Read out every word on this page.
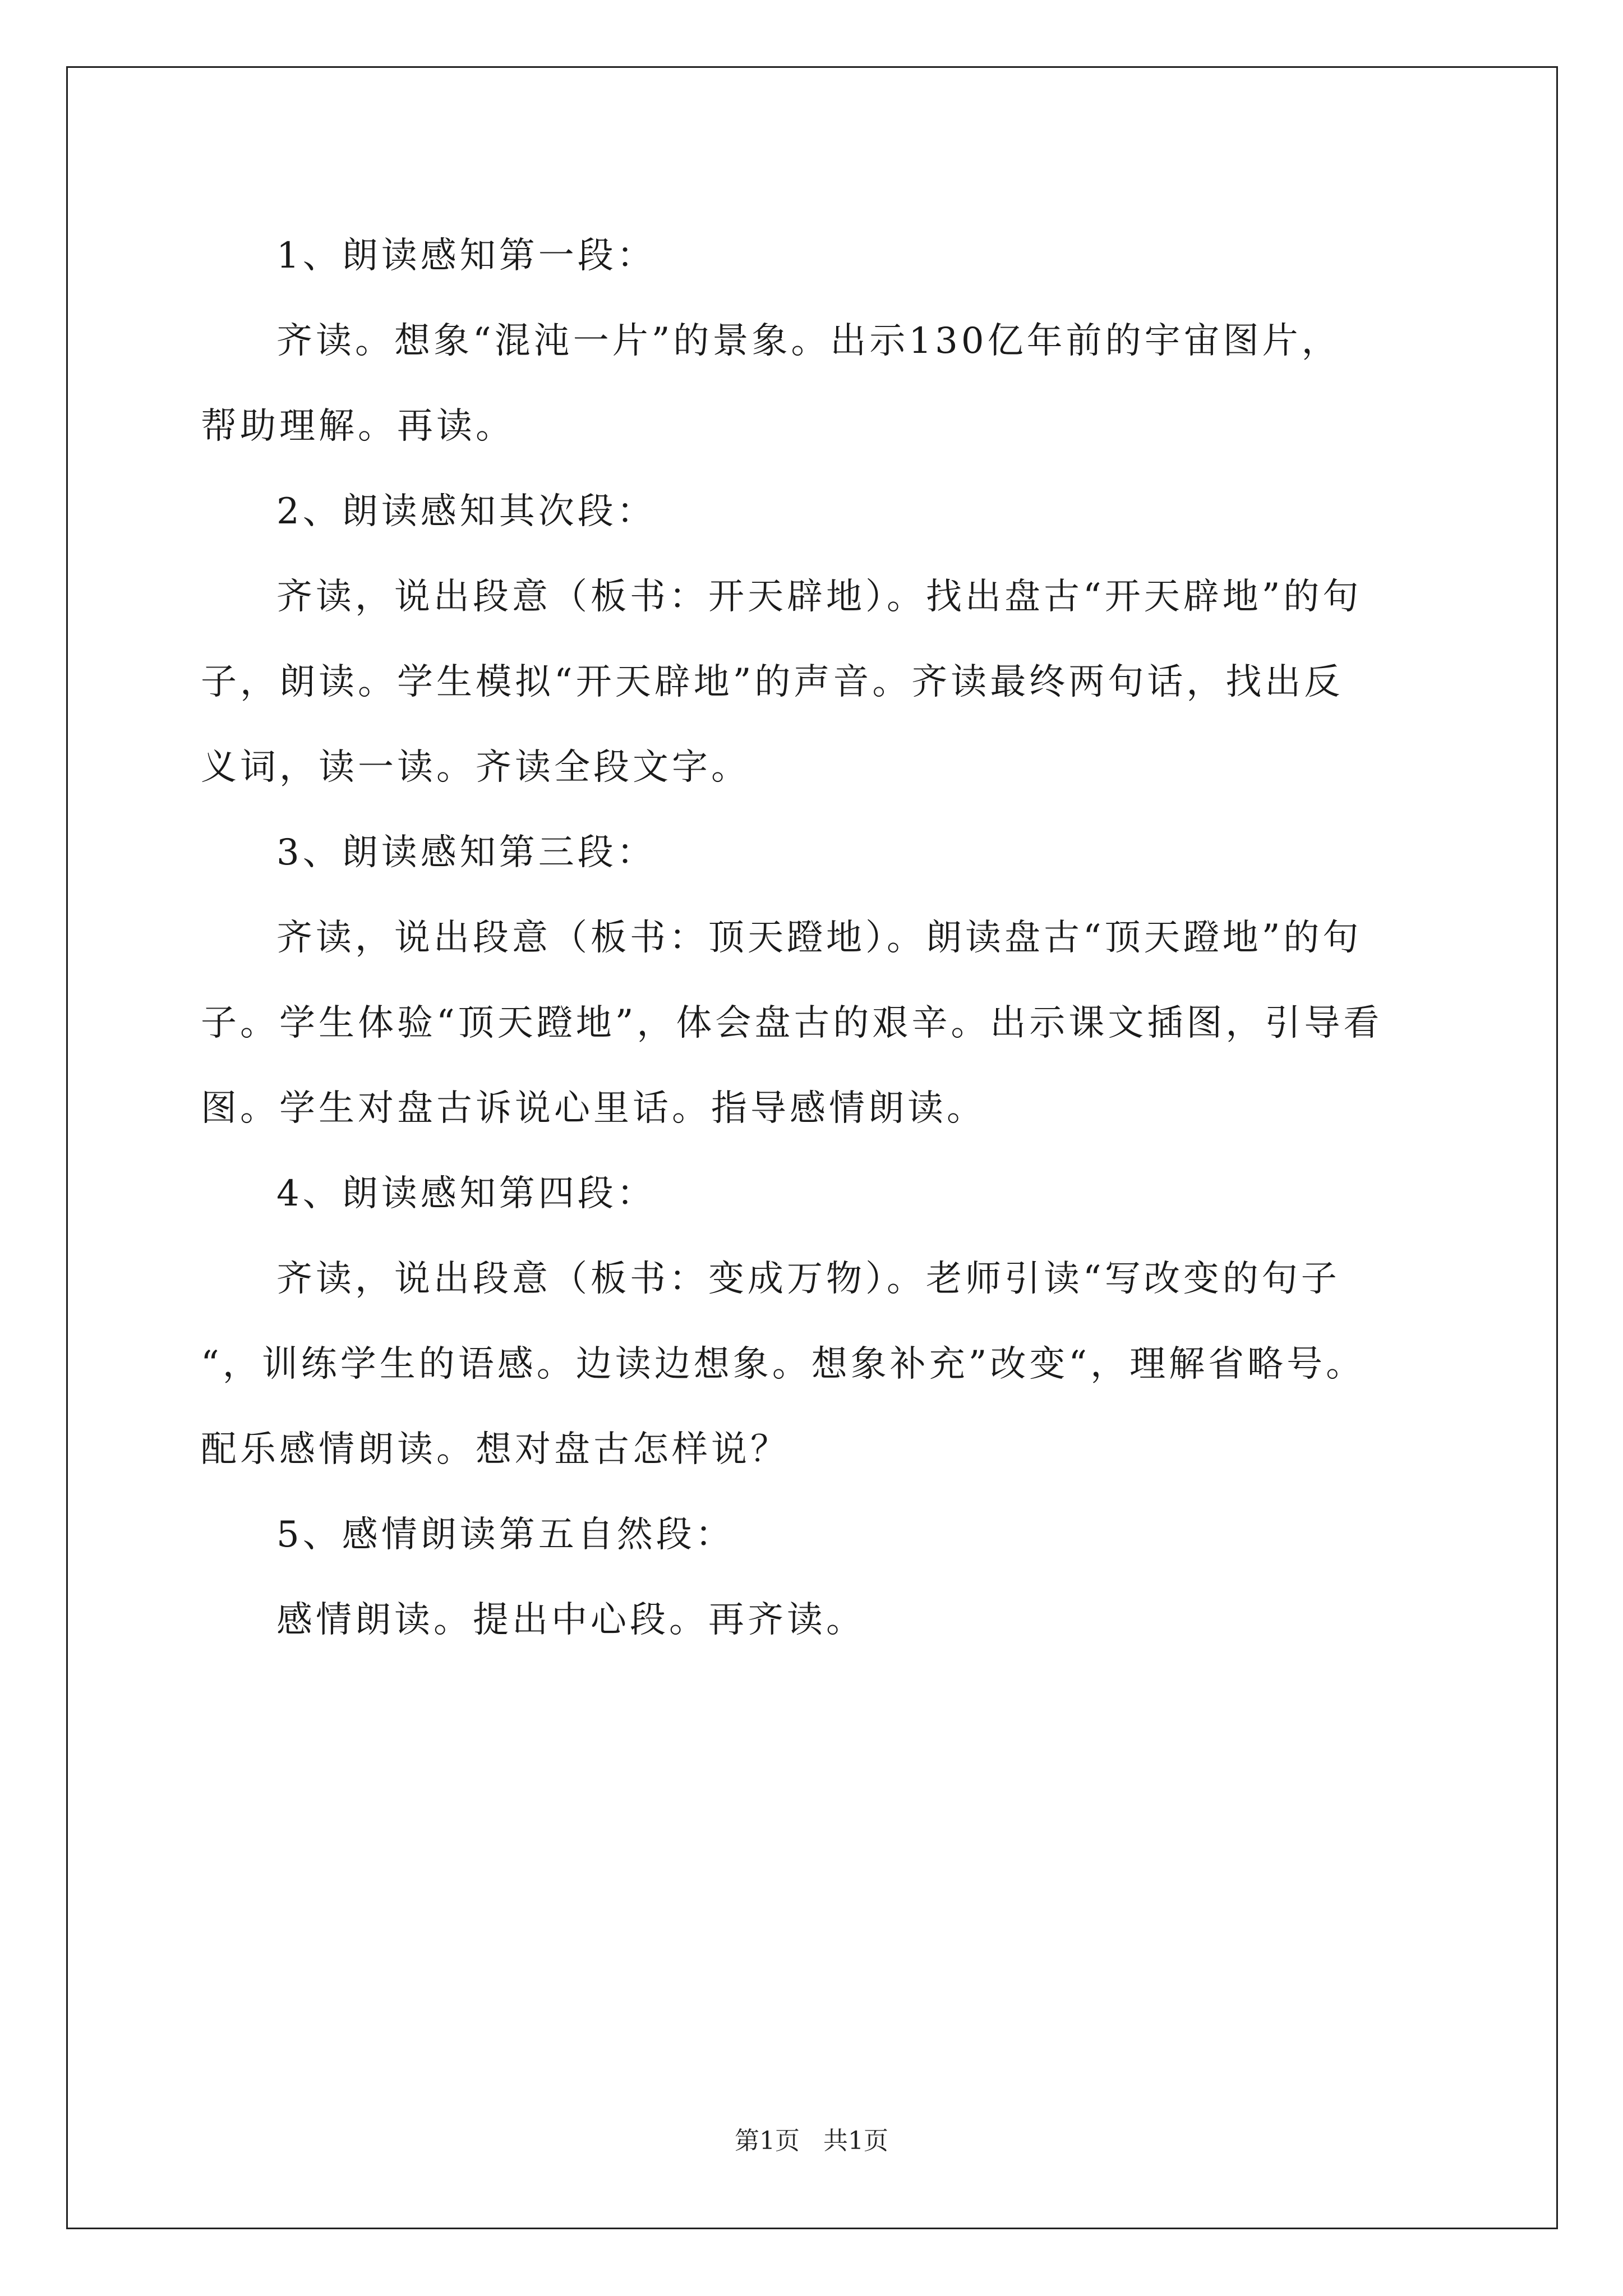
1、朗读感知第一段：
齐读。想象“混沌一片”的景象。出示130亿年前的宇宙图片，
帮助理解。再读。
2、朗读感知其次段：
齐读，说出段意（板书：开天辟地）。找出盘古“开天辟地”的句
子，朗读。学生模拟“开天辟地”的声音。齐读最终两句话，找出反
义词，读一读。齐读全段文字。
3、朗读感知第三段：
齐读，说出段意（板书：顶天蹬地）。朗读盘古“顶天蹬地”的句
子。学生体验“顶天蹬地”，体会盘古的艰辛。出示课文插图，引导看
图。学生对盘古诉说心里话。指导感情朗读。
4、朗读感知第四段：
齐读，说出段意（板书：变成万物）。老师引读“写改变的句子
“，训练学生的语感。边读边想象。想象补充”改变“，理解省略号。
配乐感情朗读。想对盘古怎样说？
5、感情朗读第五自然段：
感情朗读。提出中心段。再齐读。
第1页   共1页
